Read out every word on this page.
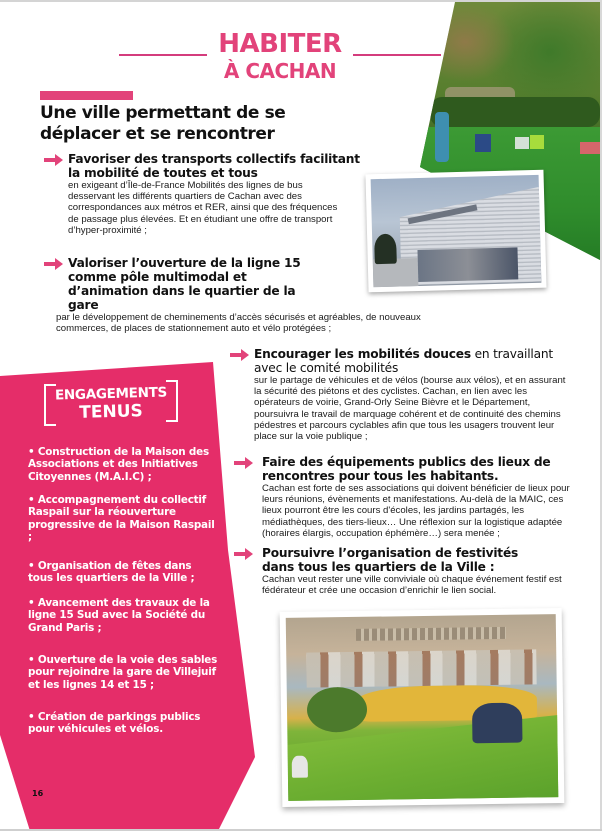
HABITER
À CACHAN
Une ville permettant de se déplacer et se rencontrer
Favoriser des transports collectifs facilitant la mobilité de toutes et tous
en exigeant d’Île-de-France Mobilités des lignes de bus desservant les différents quartiers de Cachan avec des correspondances aux métros et RER, ainsi que des fréquences de passage plus élevées. Et en étudiant une offre de transport d’hyper-proximité ;
Valoriser l’ouverture de la ligne 15 comme pôle multimodal et d’animation dans le quartier de la gare
par le développement de cheminements d’accès sécurisés et agréables, de nouveaux commerces, de places de stationnement auto et vélo protégées ;
ENGAGEMENTS
TENUS
• Construction de la Maison des Associations et des Initiatives Citoyennes (M.A.I.C) ;
• Accompagnement du collectif Raspail sur la réouverture progressive de la Maison Raspail ;
• Organisation de fêtes dans tous les quartiers de la Ville ;
• Avancement des travaux de la ligne 15 Sud avec la Société du Grand Paris ;
• Ouverture de la voie des sables pour rejoindre la gare de Villejuif et les lignes 14 et 15 ;
• Création de parkings publics pour véhicules et vélos.
Encourager les mobilités douces en travaillant avec le comité mobilités
sur le partage de véhicules et de vélos (bourse aux vélos), et en assurant la sécurité des piétons et des cyclistes. Cachan, en lien avec les opérateurs de voirie, Grand-Orly Seine Bièvre et le Département, poursuivra le travail de marquage cohérent et de continuité des chemins pédestres et parcours cyclables afin que tous les usagers trouvent leur place sur la voie publique ;
Faire des équipements publics des lieux de rencontres pour tous les habitants.
Cachan est forte de ses associations qui doivent bénéficier de lieux pour leurs réunions, évènements et manifestations. Au-delà de la MAIC, ces lieux pourront être les cours d'écoles, les jardins partagés, les médiathèques, des tiers-lieux… Une réflexion sur la logistique adaptée (horaires élargis, occupation éphémère…) sera menée ;
Poursuivre l’organisation de festivités dans tous les quartiers de la Ville :
Cachan veut rester une ville conviviale où chaque événement festif est fédérateur et crée une occasion d’enrichir le lien social.
16
